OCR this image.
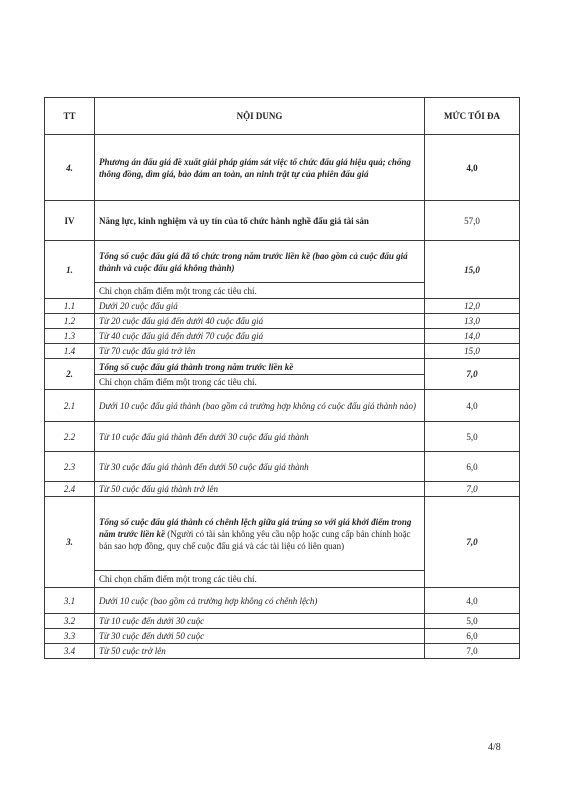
TT	NỘI DUNG	MỨC TỐI ĐA
4.	Phương án đấu giá đề xuất giải pháp giám sát việc tổ chức đấu giá hiệu quả; chống thông đồng, dìm giá, bảo đảm an toàn, an ninh trật tự của phiên đấu giá	4,0
IV	Năng lực, kinh nghiệm và uy tín của tổ chức hành nghề đấu giá tài sản	57,0
1.	Tổng số cuộc đấu giá đã tổ chức trong năm trước liền kề (bao gồm cả cuộc đấu giá thành và cuộc đấu giá không thành)	15,0
	Chỉ chọn chấm điểm một trong các tiêu chí.	
1.1	Dưới 20 cuộc đấu giá	12,0
1.2	Từ 20 cuộc đấu giá đến dưới 40 cuộc đấu giá	13,0
1.3	Từ 40 cuộc đấu giá đến dưới 70 cuộc đấu giá	14,0
1.4	Từ 70 cuộc đấu giá trở lên	15,0
2.	Tổng số cuộc đấu giá thành trong năm trước liền kề	7,0
	Chỉ chọn chấm điểm một trong các tiêu chí.	
2.1	Dưới 10 cuộc đấu giá thành (bao gồm cả trường hợp không có cuộc đấu giá thành nào)	4,0
2.2	Từ 10 cuộc đấu giá thành đến dưới 30 cuộc đấu giá thành	5,0
2.3	Từ 30 cuộc đấu giá thành đến dưới 50 cuộc đấu giá thành	6,0
2.4	Từ 50 cuộc đấu giá thành trở lên	7,0
3.	Tổng số cuộc đấu giá thành có chênh lệch giữa giá trúng so với giá khởi điểm trong năm trước liền kề (Người có tài sản không yêu cầu nộp hoặc cung cấp bản chính hoặc bản sao hợp đồng, quy chế cuộc đấu giá và các tài liệu có liên quan)	7,0
	Chỉ chọn chấm điểm một trong các tiêu chí.	
3.1	Dưới 10 cuộc (bao gồm cả trường hợp không có chênh lệch)	4,0
3.2	Từ 10 cuộc đến dưới 30 cuộc	5,0
3.3	Từ 30 cuộc đến dưới 50 cuộc	6,0
3.4	Từ 50 cuộc trở lên	7,0
4/8
